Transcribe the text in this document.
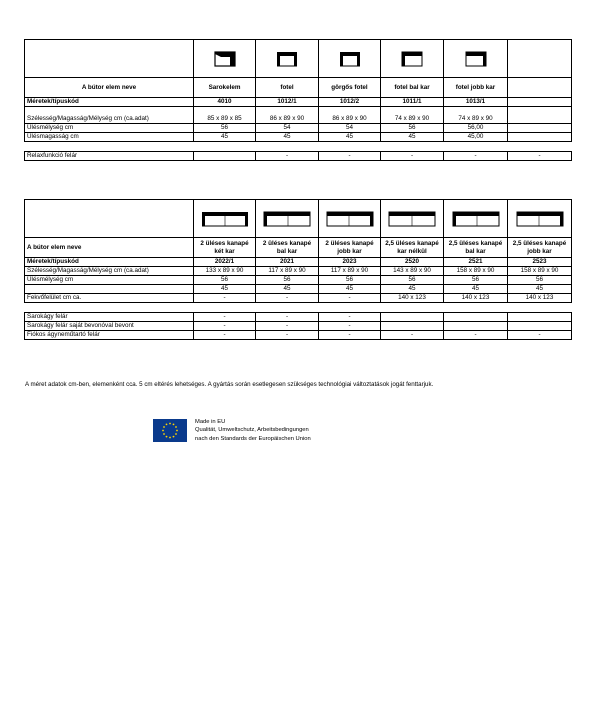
A bútor elem neve	Sarokelem	fotel	görgős fotel	fotel bal kar	fotel jobb kar	
Méretek/típuskód	4010	1012/1	1012/2	1011/1	1013/1	

Szélesség/Magasság/Mélység cm (ca.adat)	85 x 89 x 85	86 x 89 x 90	86 x 89 x 90	74 x 89 x 90	74 x 89 x 90	
Ülésmélység cm	56	54	54	56	56,00	
Ülésmagasság cm	45	45	45	45	45,00	

Relaxfunkció felár		-	-	-	-	-

A bútor elem neve	2 üléses kanapé két kar	2 üléses kanapé bal kar	2 üléses kanapé jobb kar	2,5 üléses kanapé kar nélkül	2,5 üléses kanapé bal kar	2,5 üléses kanapé jobb kar
Méretek/típuskód	2022/1	2021	2023	2520	2521	2523
Szélesség/Magasság/Mélység cm (ca.adat)	133 x 89 x 90	117 x 89 x 90	117 x 89 x 90	143 x 89 x 90	158 x 89 x 90	158 x 89 x 90
Ülésmélység cm	56	56	56	56	56	56
	45	45	45	45	45	45
Fekvőfelület cm ca.	-	-	-	140 x 123	140 x 123	140 x 123

Sarokágy felár	-	-	-			
Sarokágy felár saját bevonóval bevont	-	-	-			
Fiókos ágyneműtartó felár	-	-	-	-	-	-
A méret adatok cm-ben, elemenként cca. 5 cm eltérés lehetséges. A gyártás során esetlegesen szükséges technológiai változtatások jogát fenttarjuk.
Made in EU
Qualität, Umweltschutz, Arbeitsbedingungen
nach den Standards der Europäischen Union
